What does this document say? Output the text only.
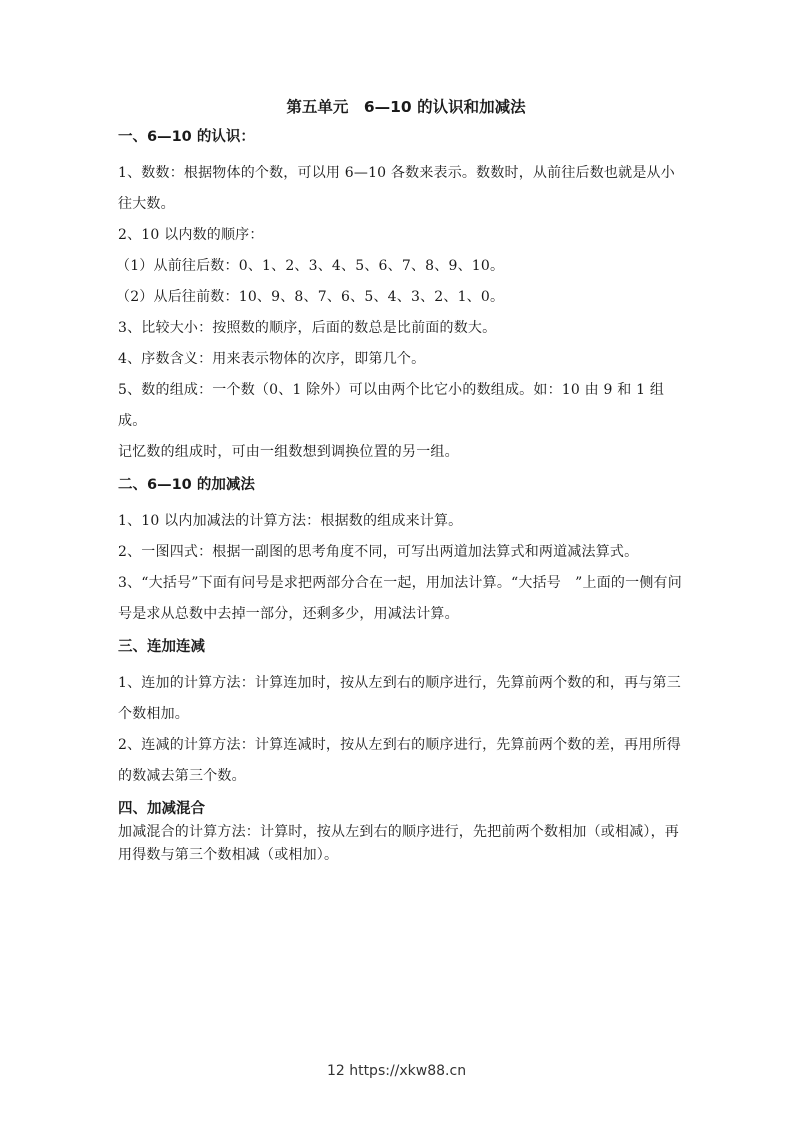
第五单元　6—10 的认识和加减法
一、6—10 的认识：

1、数数：根据物体的个数，可以用 6—10 各数来表示。数数时，从前往后数也就是从小往大数。

2、10 以内数的顺序：

（1）从前往后数：0、1、2、3、4、5、6、7、8、9、10。

（2）从后往前数：10、9、8、7、6、5、4、3、2、1、0。

3、比较大小：按照数的顺序，后面的数总是比前面的数大。

4、序数含义：用来表示物体的次序，即第几个。

5、数的组成：一个数（0、1 除外）可以由两个比它小的数组成。如：10 由 9 和 1 组成。

记忆数的组成时，可由一组数想到调换位置的另一组。

二、6—10 的加减法

1、10 以内加减法的计算方法：根据数的组成来计算。

2、一图四式：根据一副图的思考角度不同，可写出两道加法算式和两道减法算式。

3、“大括号”下面有问号是求把两部分合在一起，用加法计算。“大括号　”上面的一侧有问号是求从总数中去掉一部分，还剩多少，用减法计算。

三、连加连减

1、连加的计算方法：计算连加时，按从左到右的顺序进行，先算前两个数的和，再与第三个数相加。

2、连减的计算方法：计算连减时，按从左到右的顺序进行，先算前两个数的差，再用所得的数减去第三个数。

四、加减混合

加减混合的计算方法：计算时，按从左到右的顺序进行，先把前两个数相加（或相减），再用得数与第三个数相减（或相加）。

12 https://xkw88.cn
